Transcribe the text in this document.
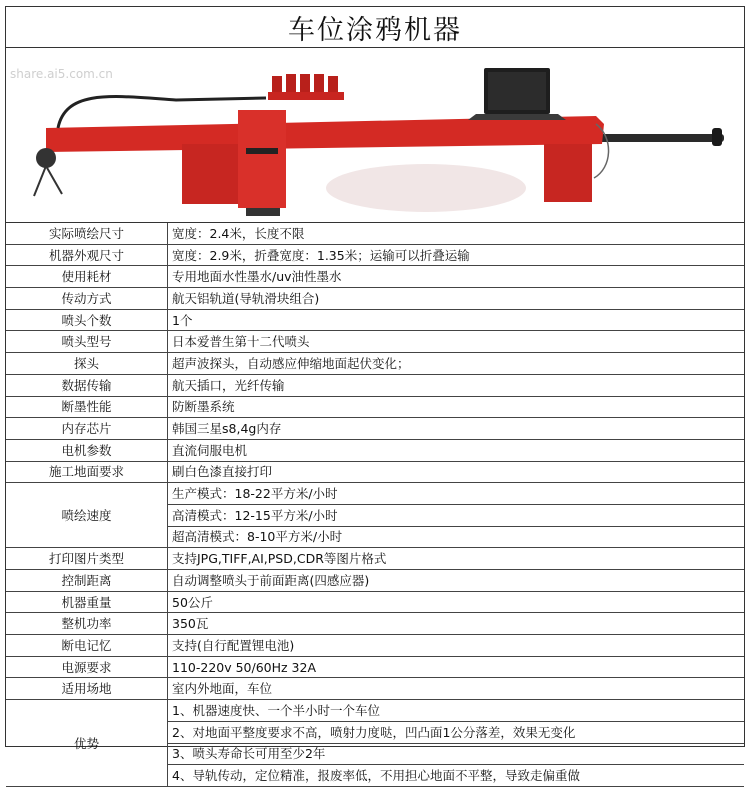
车位涂鸦机器
share.ai5.com.cn
实际喷绘尺寸	宽度：2.4米，长度不限
机器外观尺寸	宽度：2.9米，折叠宽度：1.35米；运输可以折叠运输
使用耗材	专用地面水性墨水/uv油性墨水
传动方式	航天铝轨道(导轨滑块组合)
喷头个数	1个
喷头型号	日本爱普生第十二代喷头
探头	超声波探头，自动感应伸缩地面起伏变化；
数据传输	航天插口，光纤传输
断墨性能	防断墨系统
内存芯片	韩国三星s8,4g内存
电机参数	直流伺服电机
施工地面要求	刷白色漆直接打印
喷绘速度	生产模式：18-22平方米/小时
	高清模式：12-15平方米/小时
	超高清模式：8-10平方米/小时
打印图片类型	支持JPG,TIFF,AI,PSD,CDR等图片格式
控制距离	自动调整喷头于前面距离(四感应器)
机器重量	50公斤
整机功率	350瓦
断电记忆	支持(自行配置锂电池)
电源要求	110-220v 50/60Hz 32A
适用场地	室内外地面，车位
优势	1、机器速度快、一个半小时一个车位
	2、对地面平整度要求不高，喷射力度哒，凹凸面1公分落差，效果无变化
	3、喷头寿命长可用至少2年
	4、导轨传动，定位精准，报废率低，不用担心地面不平整，导致走偏重做
